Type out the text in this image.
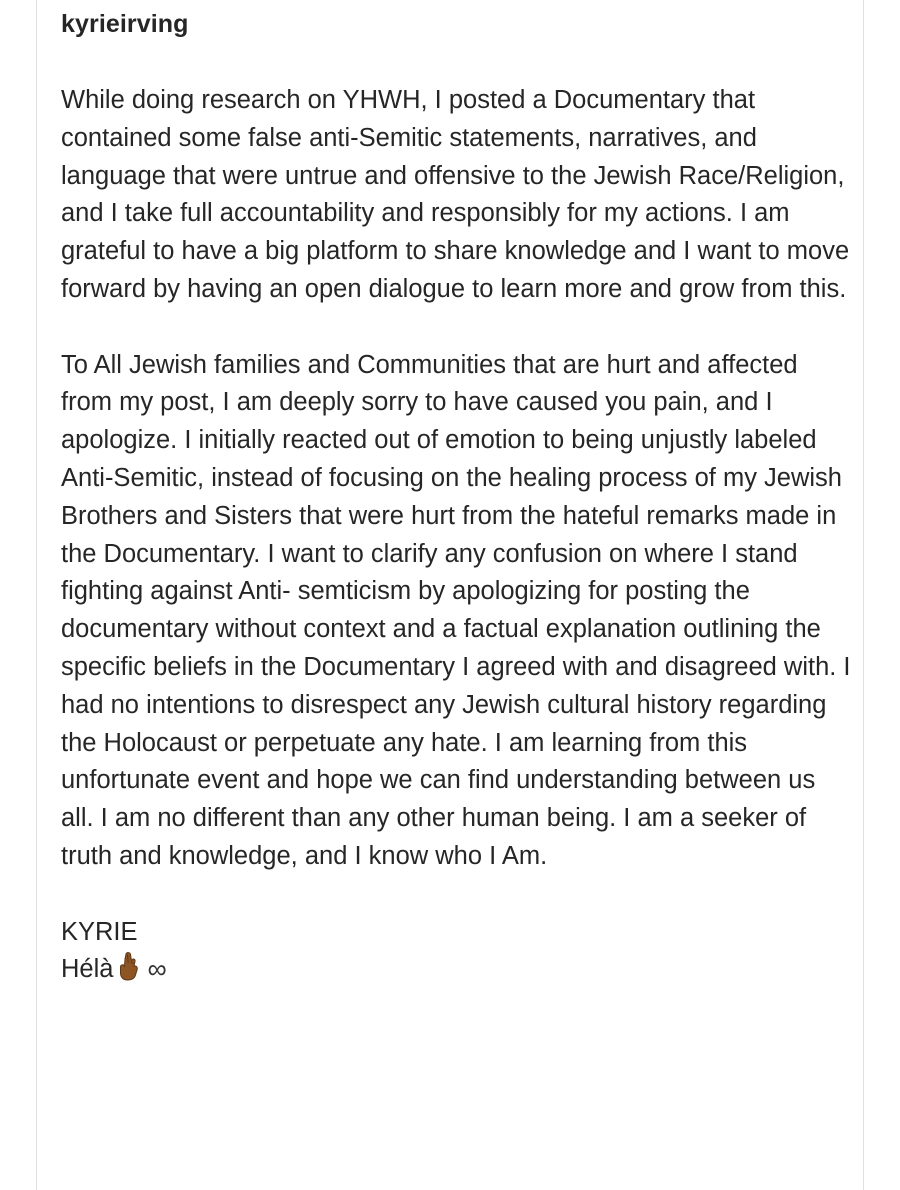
kyrieirving

While doing research on YHWH, I posted a Documentary that contained some false anti-Semitic statements, narratives, and language that were untrue and offensive to the Jewish Race/Religion, and I take full accountability and responsibly for my actions. I am grateful to have a big platform to share knowledge and I want to move forward by having an open dialogue to learn more and grow from this.

To All Jewish families and Communities that are hurt and affected from my post, I am deeply sorry to have caused you pain, and I apologize. I initially reacted out of emotion to being unjustly labeled Anti-Semitic, instead of focusing on the healing process of my Jewish Brothers and Sisters that were hurt from the hateful remarks made in the Documentary. I want to clarify any confusion on where I stand fighting against Anti- semticism by apologizing for posting the documentary without context and a factual explanation outlining the specific beliefs in the Documentary I agreed with and disagreed with. I had no intentions to disrespect any Jewish cultural history regarding the Holocaust or perpetuate any hate. I am learning from this unfortunate event and hope we can find understanding between us all. I am no different than any other human being. I am a seeker of truth and knowledge, and I know who I Am.

KYRIE
Hélà ∞
